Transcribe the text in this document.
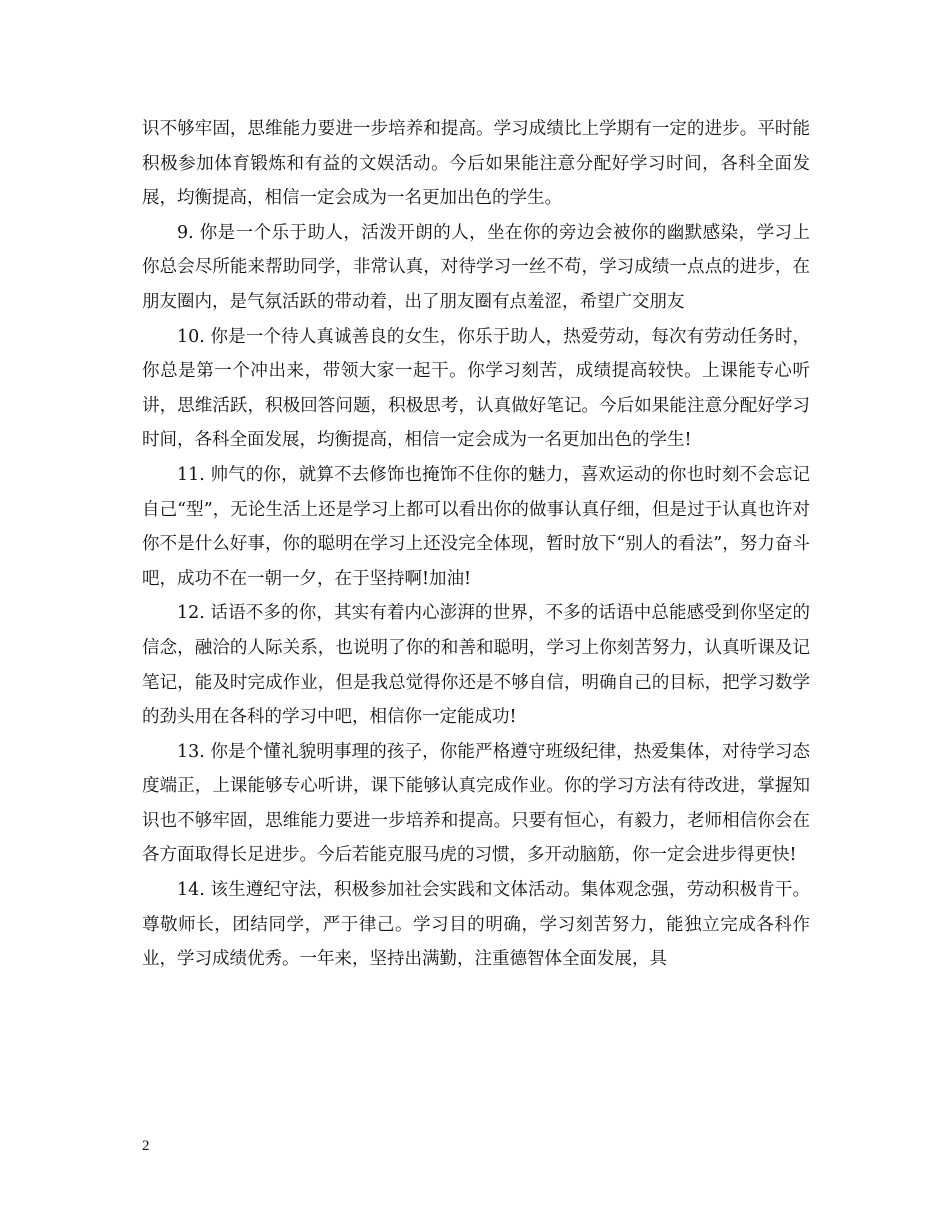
识不够牢固，思维能力要进一步培养和提高。学习成绩比上学期有一定的进步。平时能积极参加体育锻炼和有益的文娱活动。今后如果能注意分配好学习时间，各科全面发展，均衡提高，相信一定会成为一名更加出色的学生。

9. 你是一个乐于助人，活泼开朗的人，坐在你的旁边会被你的幽默感染，学习上你总会尽所能来帮助同学，非常认真，对待学习一丝不苟，学习成绩一点点的进步，在朋友圈内，是气氛活跃的带动着，出了朋友圈有点羞涩，希望广交朋友

10. 你是一个待人真诚善良的女生，你乐于助人，热爱劳动，每次有劳动任务时，你总是第一个冲出来，带领大家一起干。你学习刻苦，成绩提高较快。上课能专心听讲，思维活跃，积极回答问题，积极思考，认真做好笔记。今后如果能注意分配好学习时间，各科全面发展，均衡提高，相信一定会成为一名更加出色的学生!

11. 帅气的你，就算不去修饰也掩饰不住你的魅力，喜欢运动的你也时刻不会忘记自己“型”，无论生活上还是学习上都可以看出你的做事认真仔细，但是过于认真也许对你不是什么好事，你的聪明在学习上还没完全体现，暂时放下“别人的看法”，努力奋斗吧，成功不在一朝一夕，在于坚持啊!加油!

12. 话语不多的你，其实有着内心澎湃的世界，不多的话语中总能感受到你坚定的信念，融洽的人际关系，也说明了你的和善和聪明，学习上你刻苦努力，认真听课及记笔记，能及时完成作业，但是我总觉得你还是不够自信，明确自己的目标，把学习数学的劲头用在各科的学习中吧，相信你一定能成功!

13. 你是个懂礼貌明事理的孩子，你能严格遵守班级纪律，热爱集体，对待学习态度端正，上课能够专心听讲，课下能够认真完成作业。你的学习方法有待改进，掌握知识也不够牢固，思维能力要进一步培养和提高。只要有恒心，有毅力，老师相信你会在各方面取得长足进步。今后若能克服马虎的习惯，多开动脑筋，你一定会进步得更快!

14. 该生遵纪守法，积极参加社会实践和文体活动。集体观念强，劳动积极肯干。尊敬师长，团结同学，严于律己。学习目的明确，学习刻苦努力，能独立完成各科作业，学习成绩优秀。一年来，坚持出满勤，注重德智体全面发展，具

2
